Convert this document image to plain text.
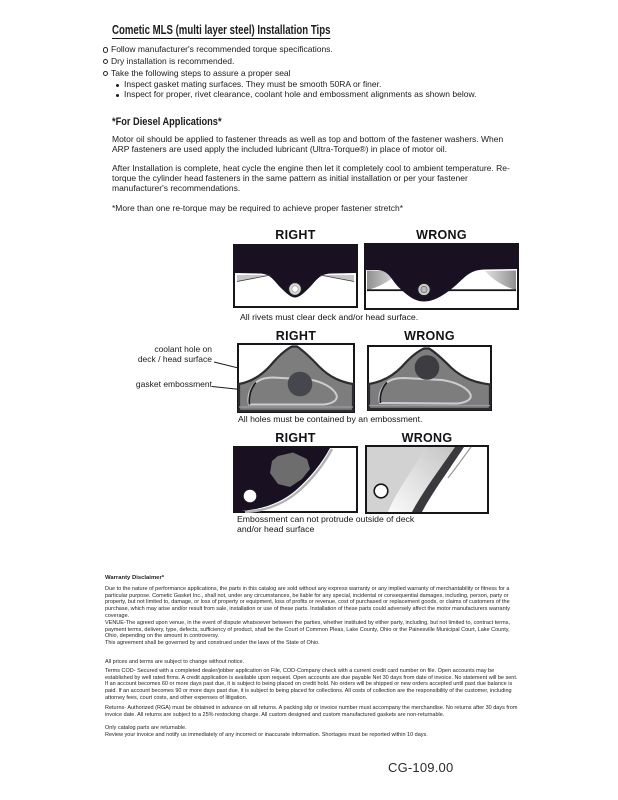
Cometic MLS (multi layer steel) Installation Tips
Follow manufacturer's recommended torque specifications.
Dry installation is recommended.
Take the following steps to assure a proper seal
Inspect gasket mating surfaces. They must be smooth 50RA or finer.
Inspect for proper, rivet clearance, coolant hole and embossment alignments as shown below.
*For Diesel Applications*
Motor oil should be applied to fastener threads as well as top and bottom of the fastener washers. When ARP fasteners are used apply the included lubricant (Ultra-Torque®) in place of motor oil.
After Installation is complete, heat cycle the engine then let it completely cool to ambient temperature. Re-torque the cylinder head fasteners in the same pattern as initial installation or per your fastener manufacturer's recommendations.
*More than one re-torque may be required to achieve proper fastener stretch*
RIGHT	WRONG
All rivets must clear deck and/or head surface.
RIGHT	WRONG
coolant hole on
deck / head surface
gasket embossment
All holes must be contained by an embossment.
RIGHT	WRONG
Embossment can not protrude outside of deck
and/or head surface
Warranty Disclaimer*
Due to the nature of performance applications, the parts in this catalog are sold without any express warranty or any implied warranty of merchantability or fitness for a particular purpose. Cometic Gasket Inc., shall not, under any circumstances, be liable for any special, incidental or consequential damages, including, person, party or property, but not limited to, damage, or loss of property or equipment, loss of profits or revenue, cost of purchased or replacement goods, or claims of customers of the purchase, which may arise and/or result from sale, installation or use of these parts. Installation of these parts could adversely affect the motor manufacturers warranty coverage.
VENUE-The agreed upon venue, in the event of dispute whatsoever between the parties, whether instituted by either party, including, but not limited to, contract terms, payment terms, delivery, type, defects, sufficiency of product, shall be the Court of Common Pleas, Lake County, Ohio or the Painesville Municipal Court, Lake County, Ohio, depending on the amount in controversy.
This agreement shall be governed by and construed under the laws of the State of Ohio.
All prices and terms are subject to change without notice.
Terms COD- Secured with a completed dealer/jobber application on File, COD-Company check with a current credit card number on file. Open accounts may be established by well rated firms. A credit application is available upon request. Open accounts are due payable Net 30 days from date of invoice. No statement will be sent. If an account becomes 60 or more days past due, it is subject to being placed on credit hold. No orders will be shipped or new orders accepted until past due balance is paid. If an account becomes 90 or more days past due, it is subject to being placed for collections. All costs of collection are the responsibility of the customer, including attorney fees, court costs, and other expenses of litigation.
Returns- Authorized (RGA) must be obtained in advance on all returns. A packing slip or invoice number must accompany the merchandise. No returns after 30 days from invoice date. All returns are subject to a 25% restocking charge. All custom designed and custom manufactured gaskets are non-returnable.
Only catalog parts are returnable.
Review your invoice and notify us immediately of any incorrect or inaccurate information. Shortages must be reported within 10 days.
CG-109.00
